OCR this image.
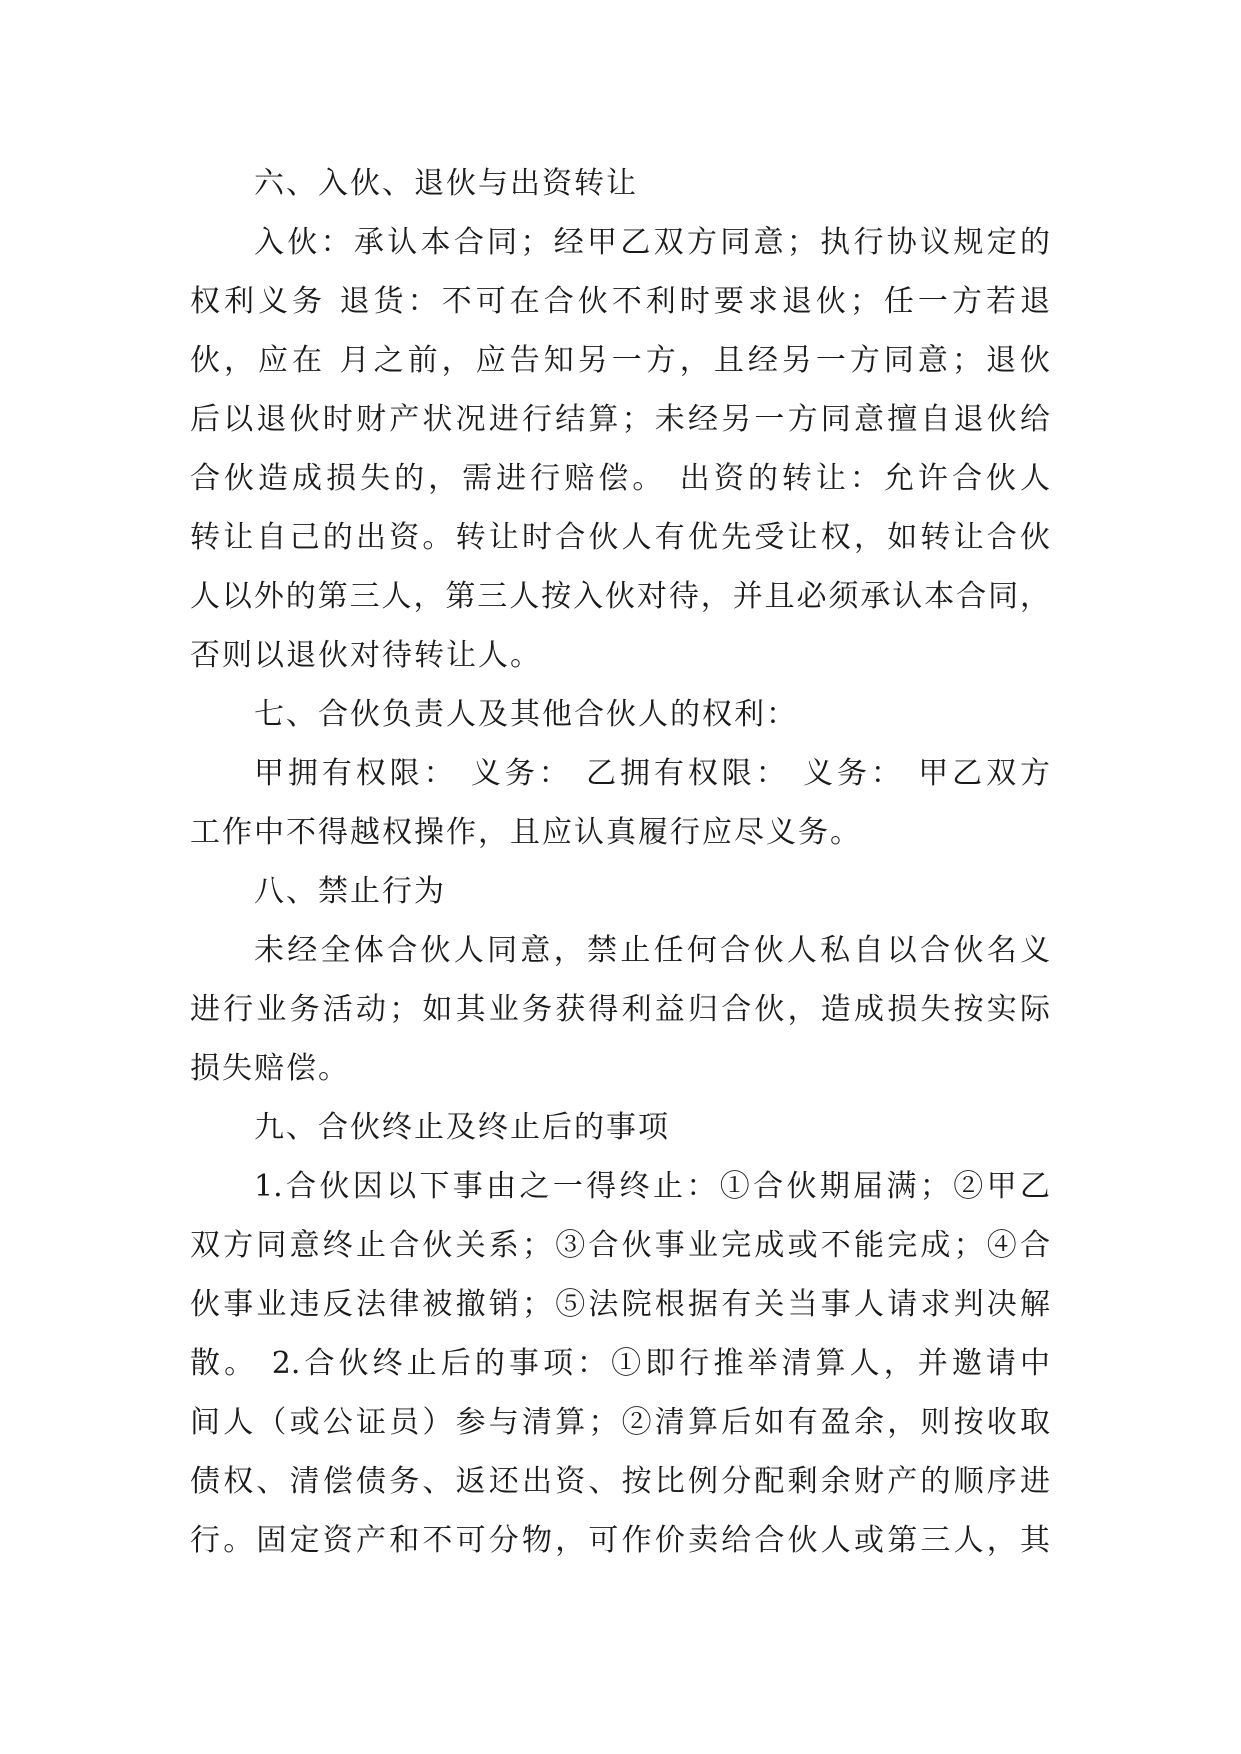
六、入伙、退伙与出资转让
入伙：承认本合同；经甲乙双方同意；执行协议规定的
权利义务 退货：不可在合伙不利时要求退伙；任一方若退
伙，应在 月之前，应告知另一方，且经另一方同意；退伙
后以退伙时财产状况进行结算；未经另一方同意擅自退伙给
合伙造成损失的，需进行赔偿。 出资的转让：允许合伙人
转让自己的出资。转让时合伙人有优先受让权，如转让合伙
人以外的第三人，第三人按入伙对待，并且必须承认本合同，
否则以退伙对待转让人。
七、合伙负责人及其他合伙人的权利：
甲拥有权限： 义务： 乙拥有权限： 义务： 甲乙双方
工作中不得越权操作，且应认真履行应尽义务。
八、禁止行为
未经全体合伙人同意，禁止任何合伙人私自以合伙名义
进行业务活动；如其业务获得利益归合伙，造成损失按实际
损失赔偿。
九、合伙终止及终止后的事项
1.合伙因以下事由之一得终止：①合伙期届满；②甲乙
双方同意终止合伙关系；③合伙事业完成或不能完成；④合
伙事业违反法律被撤销；⑤法院根据有关当事人请求判决解
散。 2.合伙终止后的事项：①即行推举清算人，并邀请中
间人（或公证员）参与清算；②清算后如有盈余，则按收取
债权、清偿债务、返还出资、按比例分配剩余财产的顺序进
行。固定资产和不可分物，可作价卖给合伙人或第三人，其
